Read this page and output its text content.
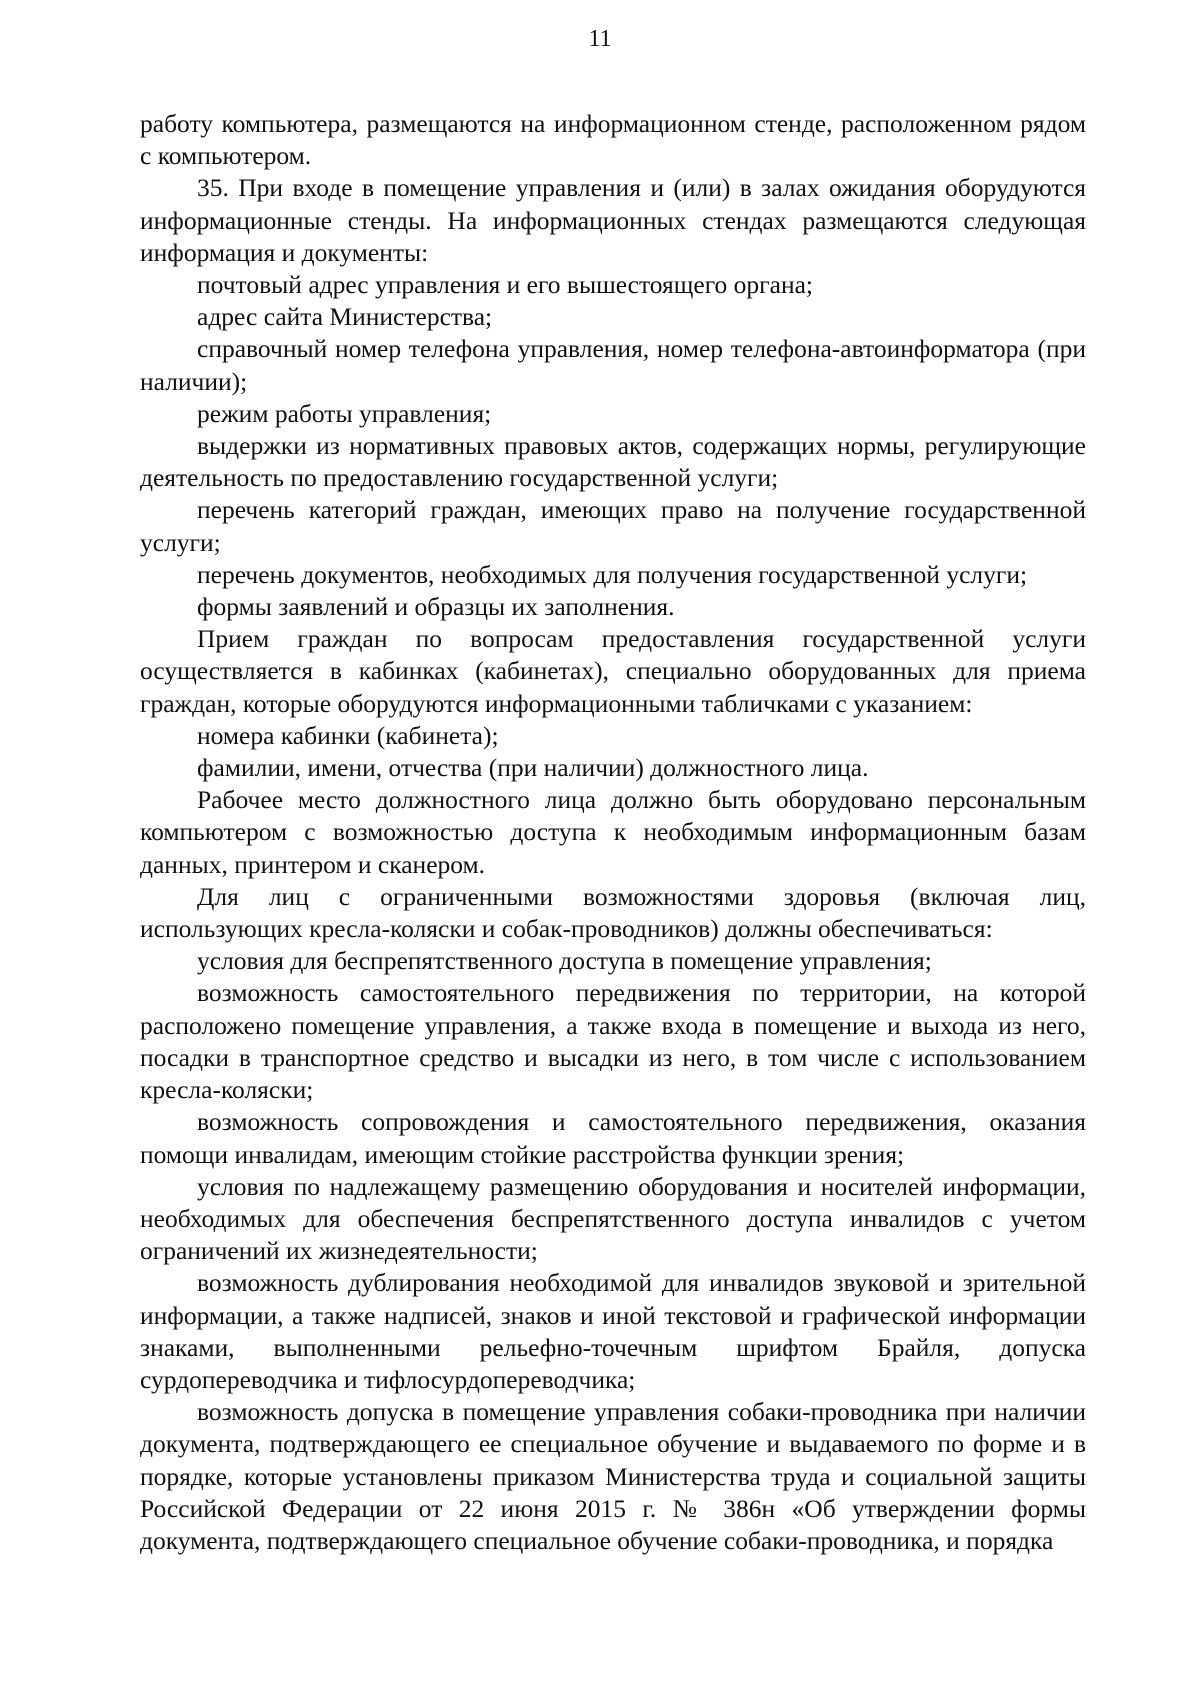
11

работу компьютера, размещаются на информационном стенде, расположенном рядом с компьютером.

35. При входе в помещение управления и (или) в залах ожидания оборудуются информационные стенды. На информационных стендах размещаются следующая информация и документы:

почтовый адрес управления и его вышестоящего органа;

адрес сайта Министерства;

справочный номер телефона управления, номер телефона-автоинформатора (при наличии);

режим работы управления;

выдержки из нормативных правовых актов, содержащих нормы, регулирующие деятельность по предоставлению государственной услуги;

перечень категорий граждан, имеющих право на получение государственной услуги;

перечень документов, необходимых для получения государственной услуги;

формы заявлений и образцы их заполнения.

Прием граждан по вопросам предоставления государственной услуги осуществляется в кабинках (кабинетах), специально оборудованных для приема граждан, которые оборудуются информационными табличками с указанием:

номера кабинки (кабинета);

фамилии, имени, отчества (при наличии) должностного лица.

Рабочее место должностного лица должно быть оборудовано персональным компьютером с возможностью доступа к необходимым информационным базам данных, принтером и сканером.

Для лиц с ограниченными возможностями здоровья (включая лиц, использующих кресла-коляски и собак-проводников) должны обеспечиваться:

условия для беспрепятственного доступа в помещение управления;

возможность самостоятельного передвижения по территории, на которой расположено помещение управления, а также входа в помещение и выхода из него, посадки в транспортное средство и высадки из него, в том числе с использованием кресла-коляски;

возможность сопровождения и самостоятельного передвижения, оказания помощи инвалидам, имеющим стойкие расстройства функции зрения;

условия по надлежащему размещению оборудования и носителей информации, необходимых для обеспечения беспрепятственного доступа инвалидов с учетом ограничений их жизнедеятельности;

возможность дублирования необходимой для инвалидов звуковой и зрительной информации, а также надписей, знаков и иной текстовой и графической информации знаками, выполненными рельефно-точечным шрифтом Брайля, допуска сурдопереводчика и тифлосурдопереводчика;

возможность допуска в помещение управления собаки-проводника при наличии документа, подтверждающего ее специальное обучение и выдаваемого по форме и в порядке, которые установлены приказом Министерства труда и социальной защиты Российской Федерации от 22 июня 2015 г. № 386н «Об утверждении формы документа, подтверждающего специальное обучение собаки-проводника, и порядка
